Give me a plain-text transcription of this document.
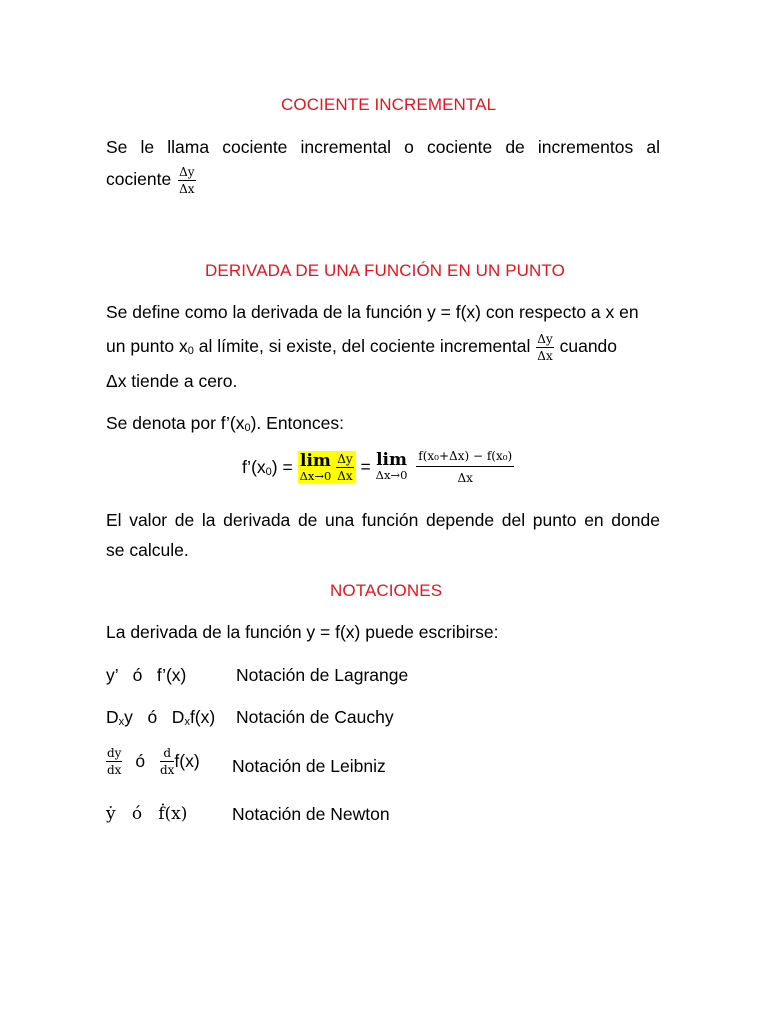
COCIENTE INCREMENTAL
Se le llama cociente incremental o cociente de incrementos al
cociente $\frac{\Delta y}{\Delta x}$
DERIVADA DE UNA FUNCIÓN EN UN PUNTO
Se define como la derivada de la función y = f(x) con respecto a x en
un punto $x_0$ al límite, si existe, del cociente incremental $\frac{\Delta y}{\Delta x}$ cuando
Δx tiende a cero.
Se denota por $f’(x_0)$. Entonces:
$f’(x_0) = \lim$
Δx→0
$\frac{\Delta y}{\Delta x} = \lim$
Δx→0
$\frac{\text{f(x₀+Δx) − f(x₀)}}{\Delta x}$
El valor de la derivada de una función depende del punto en donde
se calcule.
NOTACIONES
La derivada de la función y = f(x) puede escribirse:
y’   ó   f’(x)	Notación de Lagrange
$D_xy$   ó   $D_xf(x)$ Notación de Cauchy
$\frac{dy}{dx}$ ó $\frac{d}{dx} f(x)$ Notación de Leibniz
ẏ   ó   ḟ(x)	Notación de Newton
